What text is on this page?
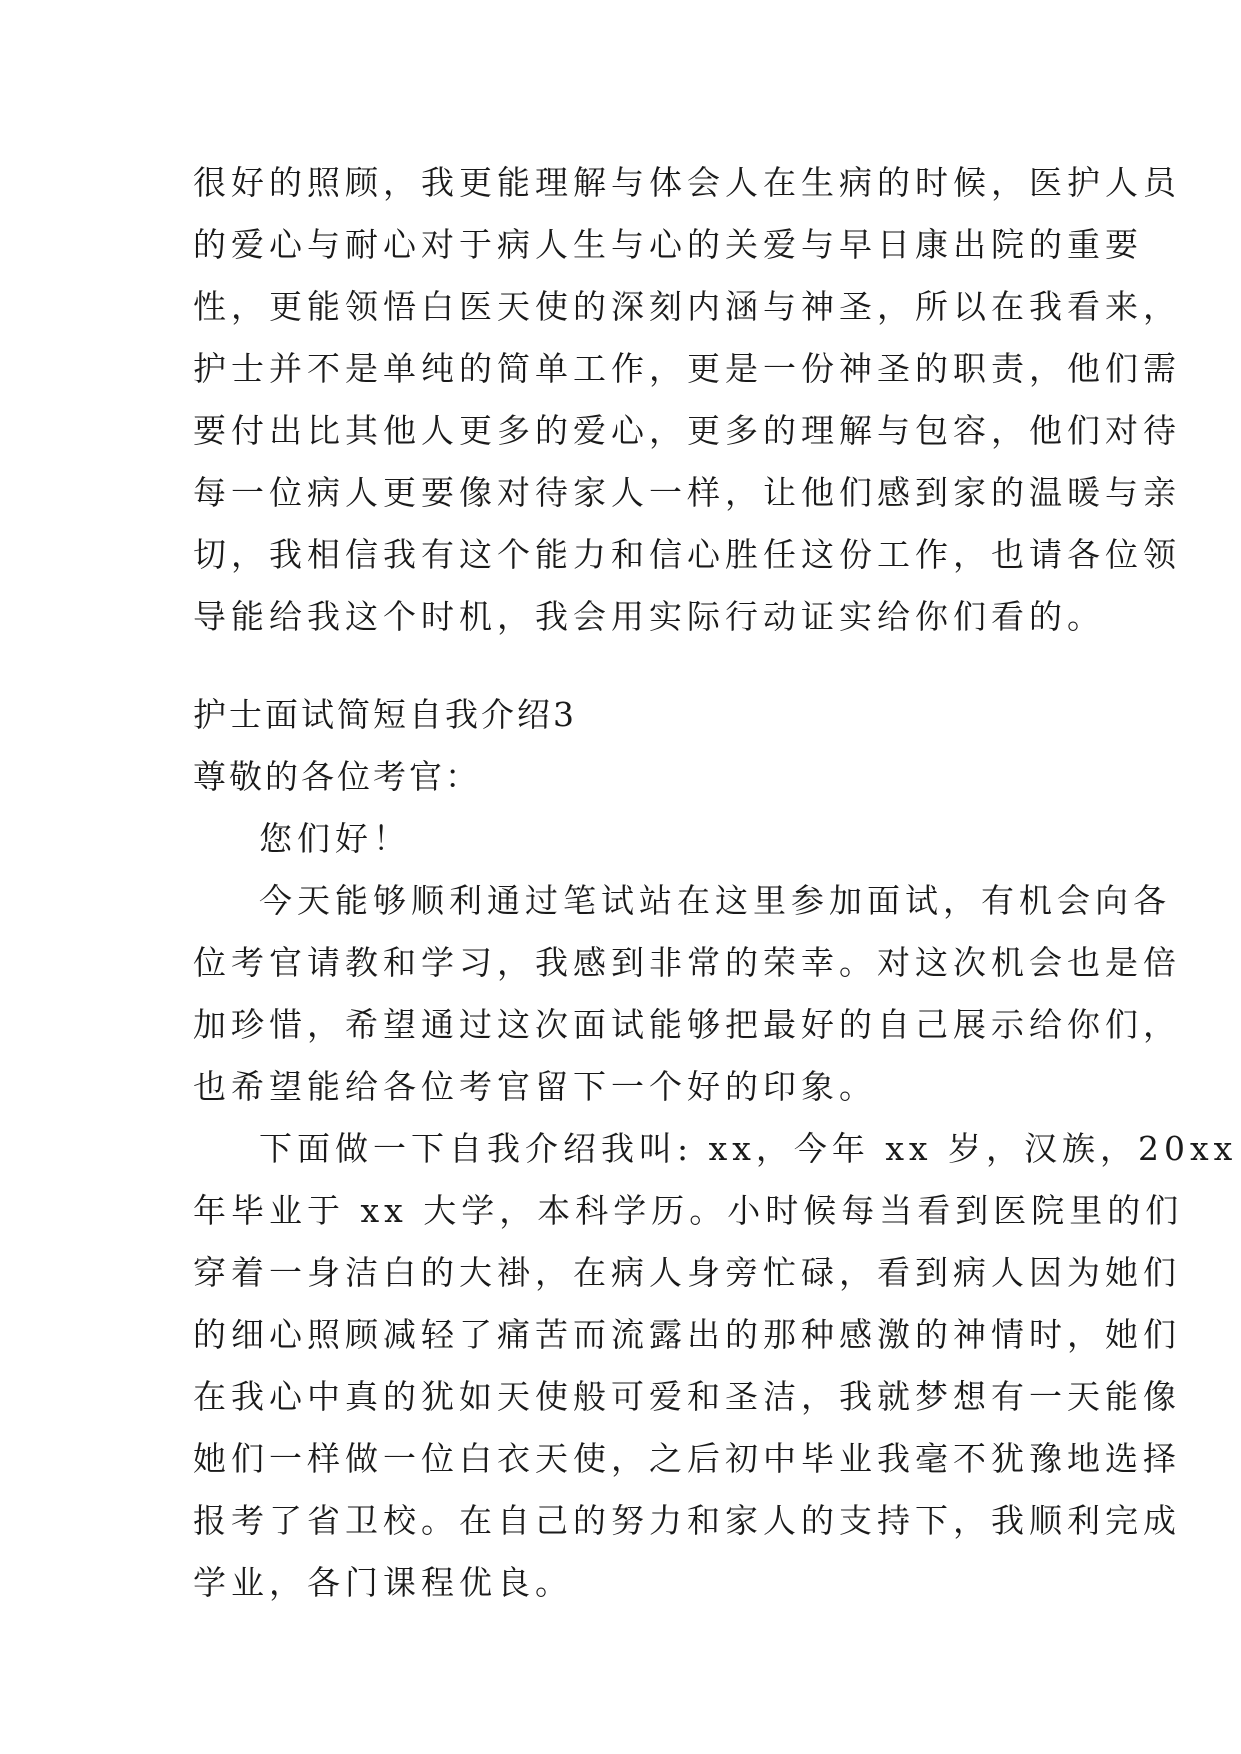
很好的照顾，我更能理解与体会人在生病的时候，医护人员
的爱心与耐心对于病人生与心的关爱与早日康出院的重要
性，更能领悟白医天使的深刻内涵与神圣，所以在我看来，
护士并不是单纯的简单工作，更是一份神圣的职责，他们需
要付出比其他人更多的爱心，更多的理解与包容，他们对待
每一位病人更要像对待家人一样，让他们感到家的温暖与亲
切，我相信我有这个能力和信心胜任这份工作，也请各位领
导能给我这个时机，我会用实际行动证实给你们看的。
护士面试简短自我介绍3
尊敬的各位考官：
您们好！
今天能够顺利通过笔试站在这里参加面试，有机会向各
位考官请教和学习，我感到非常的荣幸。对这次机会也是倍
加珍惜，希望通过这次面试能够把最好的自己展示给你们，
也希望能给各位考官留下一个好的印象。
下面做一下自我介绍我叫: xx，今年 xx 岁，汉族，20xx
年毕业于 xx 大学，本科学历。小时候每当看到医院里的们
穿着一身洁白的大褂，在病人身旁忙碌，看到病人因为她们
的细心照顾减轻了痛苦而流露出的那种感激的神情时，她们
在我心中真的犹如天使般可爱和圣洁，我就梦想有一天能像
她们一样做一位白衣天使，之后初中毕业我毫不犹豫地选择
报考了省卫校。在自己的努力和家人的支持下，我顺利完成
学业，各门课程优良。
